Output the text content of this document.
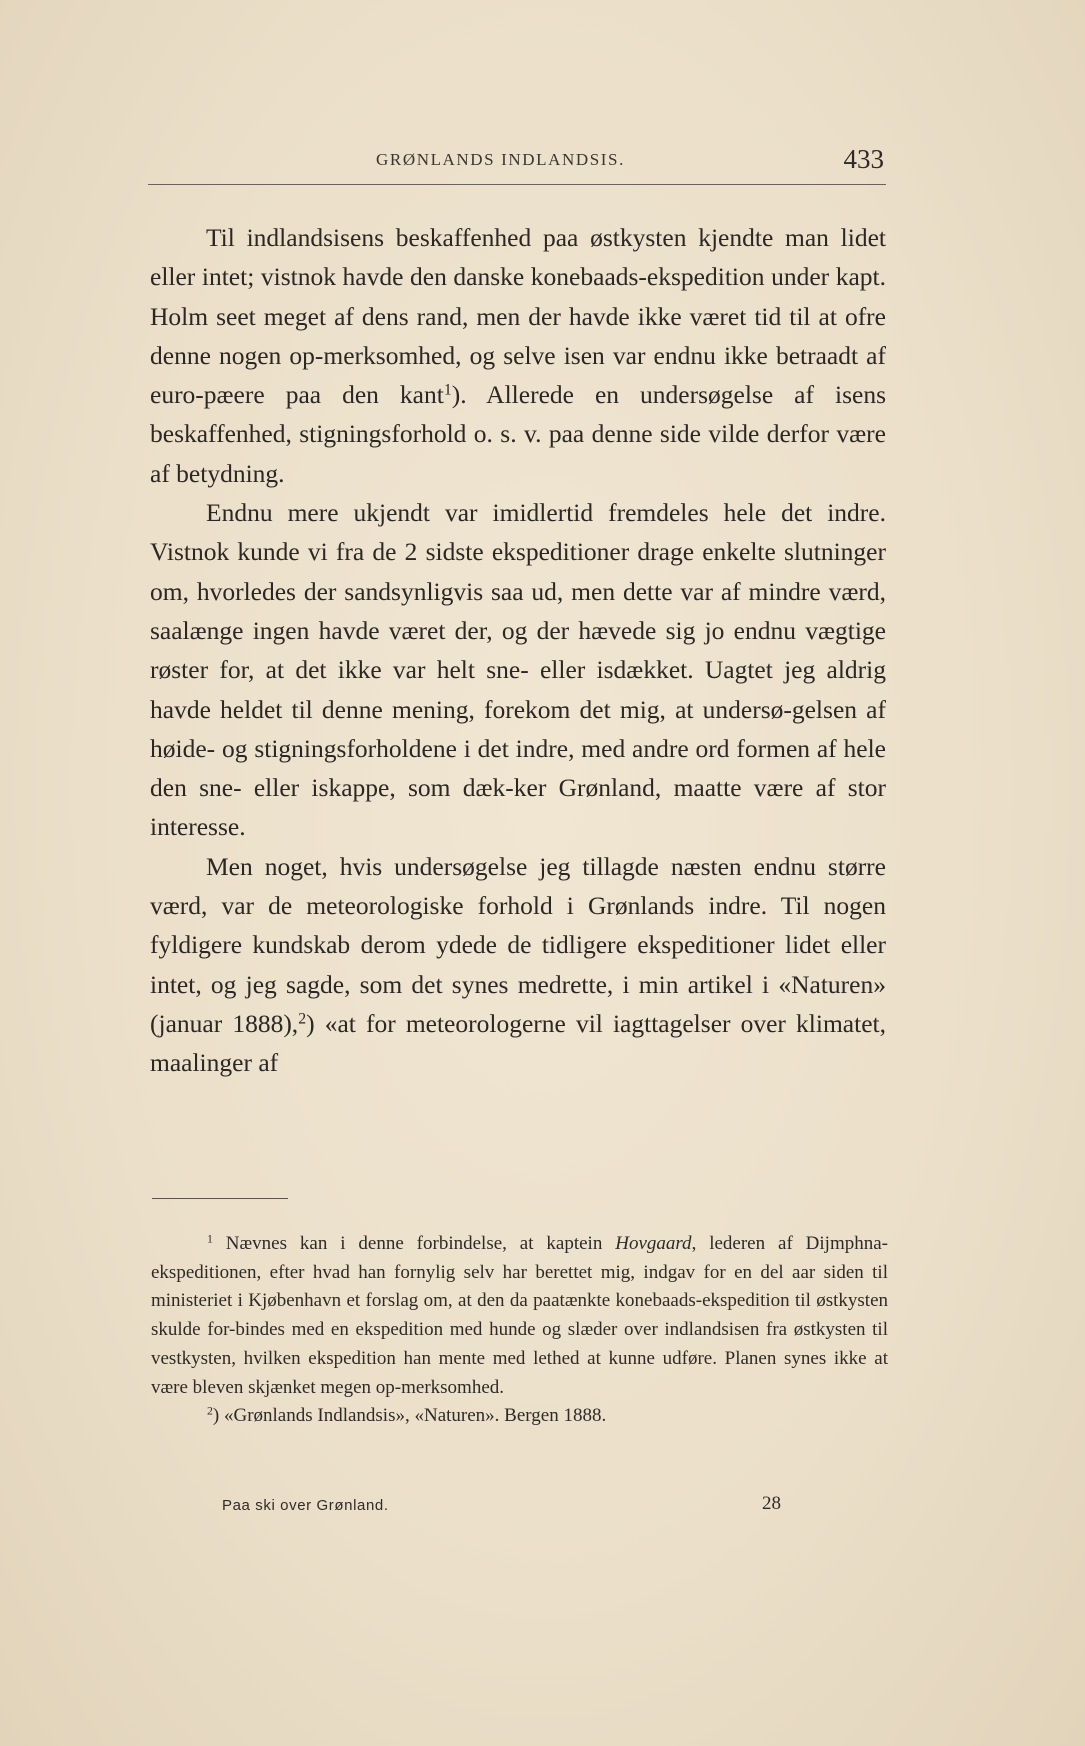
GRØNLANDS INDLANDSIS.	433

Til indlandsisens beskaffenhed paa østkysten kjendte man lidet eller intet; vistnok havde den danske konebaads-ekspedition under kapt. Holm seet meget af dens rand, men der havde ikke været tid til at ofre denne nogen op-merksomhed, og selve isen var endnu ikke betraadt af euro-pæere paa den kant$^1$). Allerede en undersøgelse af isens beskaffenhed, stigningsforhold o. s. v. paa denne side vilde derfor være af betydning.

Endnu mere ukjendt var imidlertid fremdeles hele det indre. Vistnok kunde vi fra de 2 sidste ekspeditioner drage enkelte slutninger om, hvorledes der sandsynligvis saa ud, men dette var af mindre værd, saalænge ingen havde været der, og der hævede sig jo endnu vægtige røster for, at det ikke var helt sne- eller isdækket. Uagtet jeg aldrig havde heldet til denne mening, forekom det mig, at undersø-gelsen af høide- og stigningsforholdene i det indre, med andre ord formen af hele den sne- eller iskappe, som dæk-ker Grønland, maatte være af stor interesse.

Men noget, hvis undersøgelse jeg tillagde næsten endnu større værd, var de meteorologiske forhold i Grønlands indre. Til nogen fyldigere kundskab derom ydede de tidligere ekspeditioner lidet eller intet, og jeg sagde, som det synes medrette, i min artikel i «Naturen» (januar 1888),$^2$) «at for meteorologerne vil iagttagelser over klimatet, maalinger af

$^1$ Nævnes kan i denne forbindelse, at kaptein Hovgaard, lederen af Dijmphna-ekspeditionen, efter hvad han fornylig selv har berettet mig, indgav for en del aar siden til ministeriet i Kjøbenhavn et forslag om, at den da paatænkte konebaads-ekspedition til østkysten skulde for-bindes med en ekspedition med hunde og slæder over indlandsisen fra østkysten til vestkysten, hvilken ekspedition han mente med lethed at kunne udføre. Planen synes ikke at være bleven skjænket megen op-merksomhed.

$^2$) «Grønlands Indlandsis», «Naturen». Bergen 1888.

Paa ski over Grønland.	28
